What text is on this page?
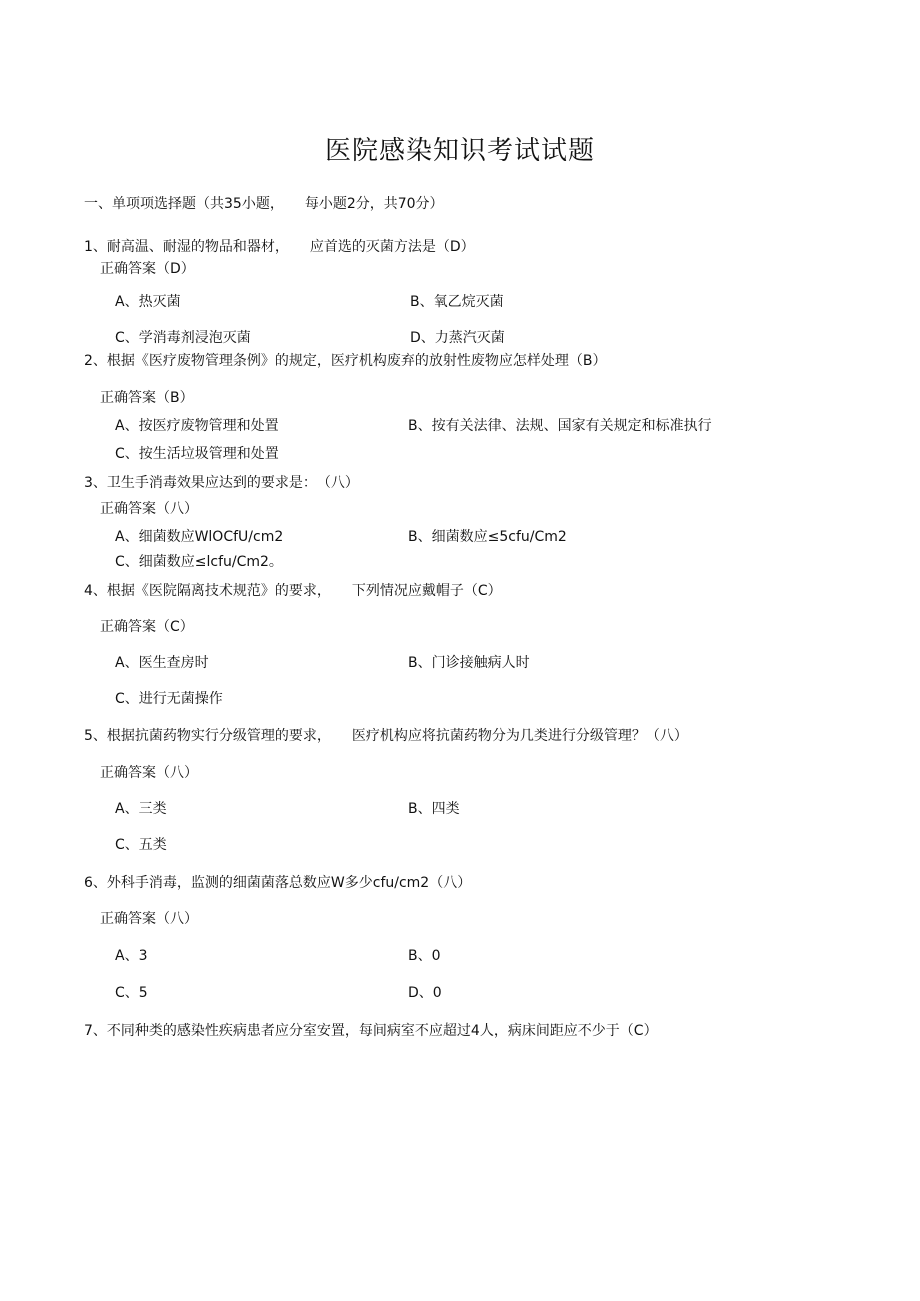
医院感染知识考试试题
一、单项项选择题（共35小题，　　每小题2分，共70分）
1、耐高温、耐湿的物品和器材，　　应首选的灭菌方法是（D）
正确答案（D）
A、热灭菌	B、氧乙烷灭菌
C、学消毒剂浸泡灭菌	D、力蒸汽灭菌
2、根据《医疗废物管理条例》的规定，医疗机构废弃的放射性废物应怎样处理（B）
正确答案（B）
A、按医疗废物管理和处置	B、按有关法律、法规、国家有关规定和标准执行
C、按生活垃圾管理和处置
3、卫生手消毒效果应达到的要求是：　（八）
正确答案（八）
A、细菌数应WlOCfU/cm2	B、细菌数应≤5cfu/Cm2
C、细菌数应≤lcfu/Cm2。
4、根据《医院隔离技术规范》的要求，　　下列情况应戴帽子（C）
正确答案（C）
A、医生查房时	B、门诊接触病人时
C、进行无菌操作
5、根据抗菌药物实行分级管理的要求，　　医疗机构应将抗菌药物分为几类进行分级管理？（八）
正确答案（八）
A、三类	B、四类
C、五类
6、外科手消毒，监测的细菌菌落总数应W多少cfu/cm2（八）
正确答案（八）
A、3	B、0
C、5	D、0
7、不同种类的感染性疾病患者应分室安置，每间病室不应超过4人，病床间距应不少于（C）
